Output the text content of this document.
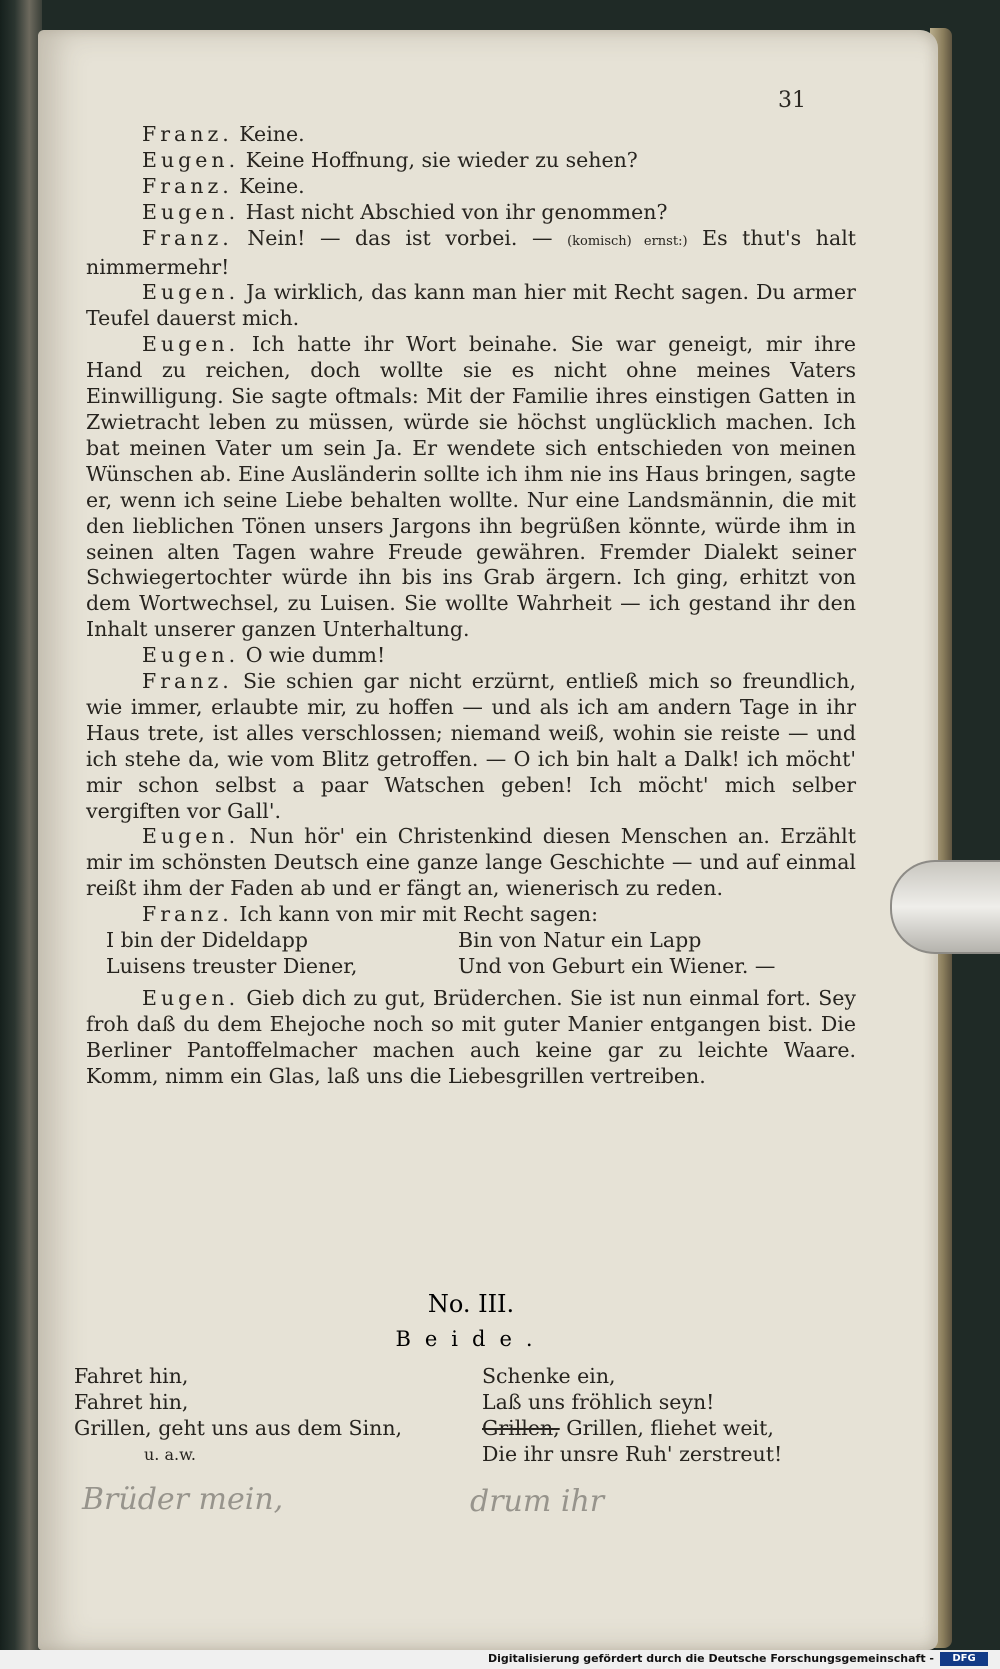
31

Franz. Keine.

Eugen. Keine Hoffnung, sie wieder zu sehen?

Franz. Keine.

Eugen. Hast nicht Abschied von ihr genommen?

Franz. Nein! — das ist vorbei. — (komisch) ernst:) Es thut's halt nimmermehr!

Eugen. Ja wirklich, das kann man hier mit Recht sagen. Du armer Teufel dauerst mich.

Eugen. Ich hatte ihr Wort beinahe. Sie war geneigt, mir ihre Hand zu reichen, doch wollte sie es nicht ohne meines Vaters Einwilligung. Sie sagte oftmals: Mit der Familie ihres einstigen Gatten in Zwietracht leben zu müssen, würde sie höchst unglücklich machen. Ich bat meinen Vater um sein Ja. Er wendete sich entschieden von meinen Wünschen ab. Eine Ausländerin sollte ich ihm nie ins Haus bringen, sagte er, wenn ich seine Liebe behalten wollte. Nur eine Landsmännin, die mit den lieblichen Tönen unsers Jargons ihn begrüßen könnte, würde ihm in seinen alten Tagen wahre Freude gewähren. Fremder Dialekt seiner Schwiegertochter würde ihn bis ins Grab ärgern. Ich ging, erhitzt von dem Wortwechsel, zu Luisen. Sie wollte Wahrheit — ich gestand ihr den Inhalt unserer ganzen Unterhaltung.

Eugen. O wie dumm!

Franz. Sie schien gar nicht erzürnt, entließ mich so freundlich, wie immer, erlaubte mir, zu hoffen — und als ich am andern Tage in ihr Haus trete, ist alles verschlossen; niemand weiß, wohin sie reiste — und ich stehe da, wie vom Blitz getroffen. — O ich bin halt a Dalk! ich möcht' mir schon selbst a paar Watschen geben! Ich möcht' mich selber vergiften vor Gall'.

Eugen. Nun hör' ein Christenkind diesen Menschen an. Erzählt mir im schönsten Deutsch eine ganze lange Geschichte — und auf einmal reißt ihm der Faden ab und er fängt an, wienerisch zu reden.

Franz. Ich kann von mir mit Recht sagen:

I bin der Dideldapp
Luisens treuster Diener,
Bin von Natur ein Lapp
Und von Geburt ein Wiener. —

Eugen. Gieb dich zu gut, Brüderchen. Sie ist nun einmal fort. Sey froh daß du dem Ehejoche noch so mit guter Manier entgangen bist. Die Berliner Pantoffelmacher machen auch keine gar zu leichte Waare. Komm, nimm ein Glas, laß uns die Liebesgrillen vertreiben.

No. III.
Beide.
Fahret hin,
Fahret hin,
Grillen, geht uns aus dem Sinn,
u. a.w.
Schenke ein,
Laß uns fröhlich seyn!
Grillen, Grillen, fliehet weit,
Die ihr unsre Ruh' zerstreut!
Brüder mein,	drum ihr
Digitalisierung gefördert durch die Deutsche Forschungsgemeinschaft -	DFG
